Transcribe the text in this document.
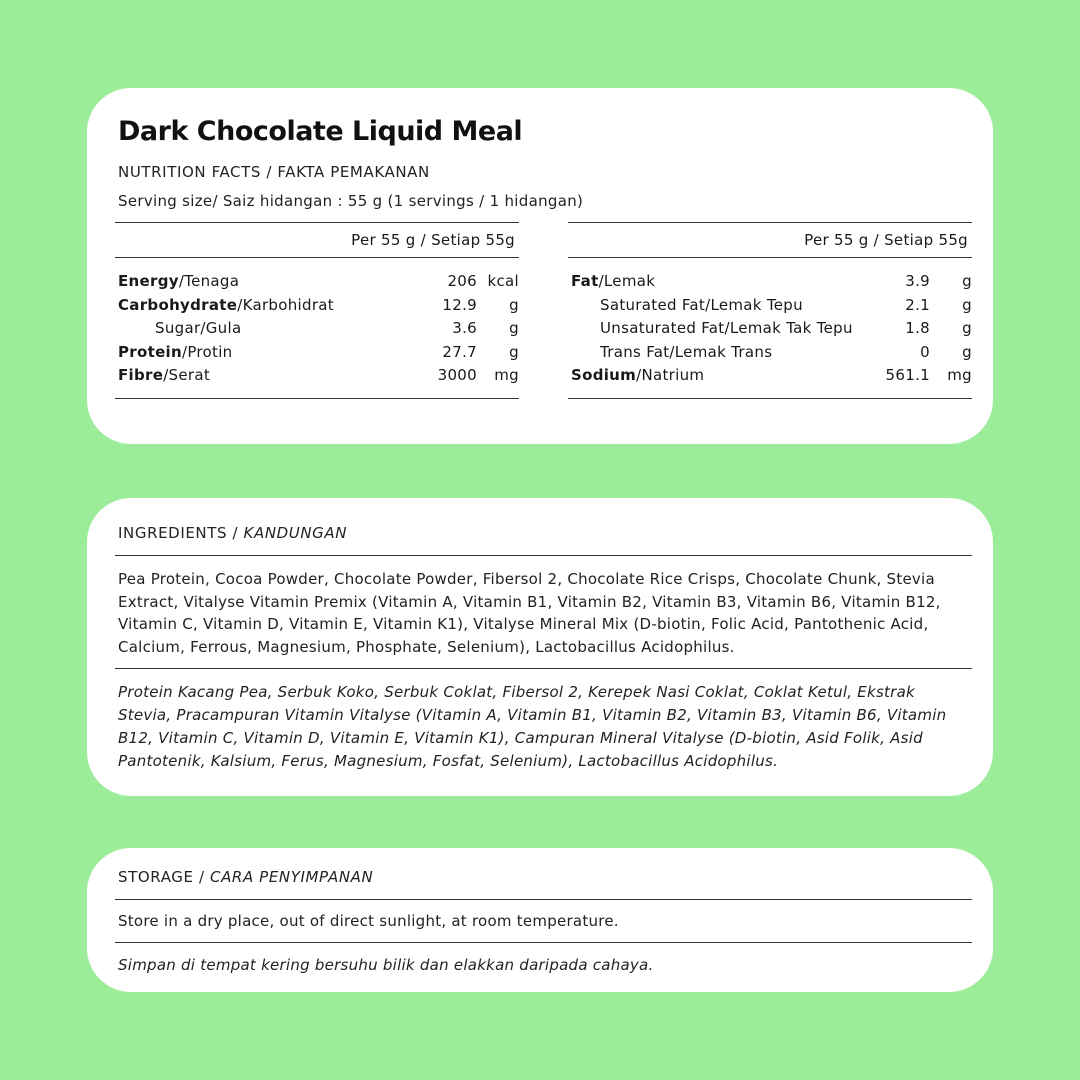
Dark Chocolate Liquid Meal
NUTRITION FACTS / FAKTA PEMAKANAN
Serving size/ Saiz hidangan : 55 g (1 servings / 1 hidangan)
Per 55 g / Setiap 55g
Energy/Tenaga	206 kcal
Carbohydrate/Karbohidrat	12.9	g
Sugar/Gula	3.6	g
Protein/Protin	27.7	g
Fibre/Serat	3000	mg
Per 55 g / Setiap 55g
Fat/Lemak	3.9	g
Saturated Fat/Lemak Tepu	2.1	g
Unsaturated Fat/Lemak Tak Tepu	1.8	g
Trans Fat/Lemak Trans	0	g
Sodium/Natrium	561.1	mg
INGREDIENTS / KANDUNGAN
Pea Protein, Cocoa Powder, Chocolate Powder, Fibersol 2, Chocolate Rice Crisps, Chocolate Chunk, Stevia Extract, Vitalyse Vitamin Premix (Vitamin A, Vitamin B1, Vitamin B2, Vitamin B3, Vitamin B6, Vitamin B12, Vitamin C, Vitamin D, Vitamin E, Vitamin K1), Vitalyse Mineral Mix (D-biotin, Folic Acid, Pantothenic Acid, Calcium, Ferrous, Magnesium, Phosphate, Selenium), Lactobacillus Acidophilus.
Protein Kacang Pea, Serbuk Koko, Serbuk Coklat, Fibersol 2, Kerepek Nasi Coklat, Coklat Ketul, Ekstrak Stevia, Pracampuran Vitamin Vitalyse (Vitamin A, Vitamin B1, Vitamin B2, Vitamin B3, Vitamin B6, Vitamin B12, Vitamin C, Vitamin D, Vitamin E, Vitamin K1), Campuran Mineral Vitalyse (D-biotin, Asid Folik, Asid Pantotenik, Kalsium, Ferus, Magnesium, Fosfat, Selenium), Lactobacillus Acidophilus.
STORAGE / CARA PENYIMPANAN
Store in a dry place, out of direct sunlight, at room temperature.
Simpan di tempat kering bersuhu bilik dan elakkan daripada cahaya.
